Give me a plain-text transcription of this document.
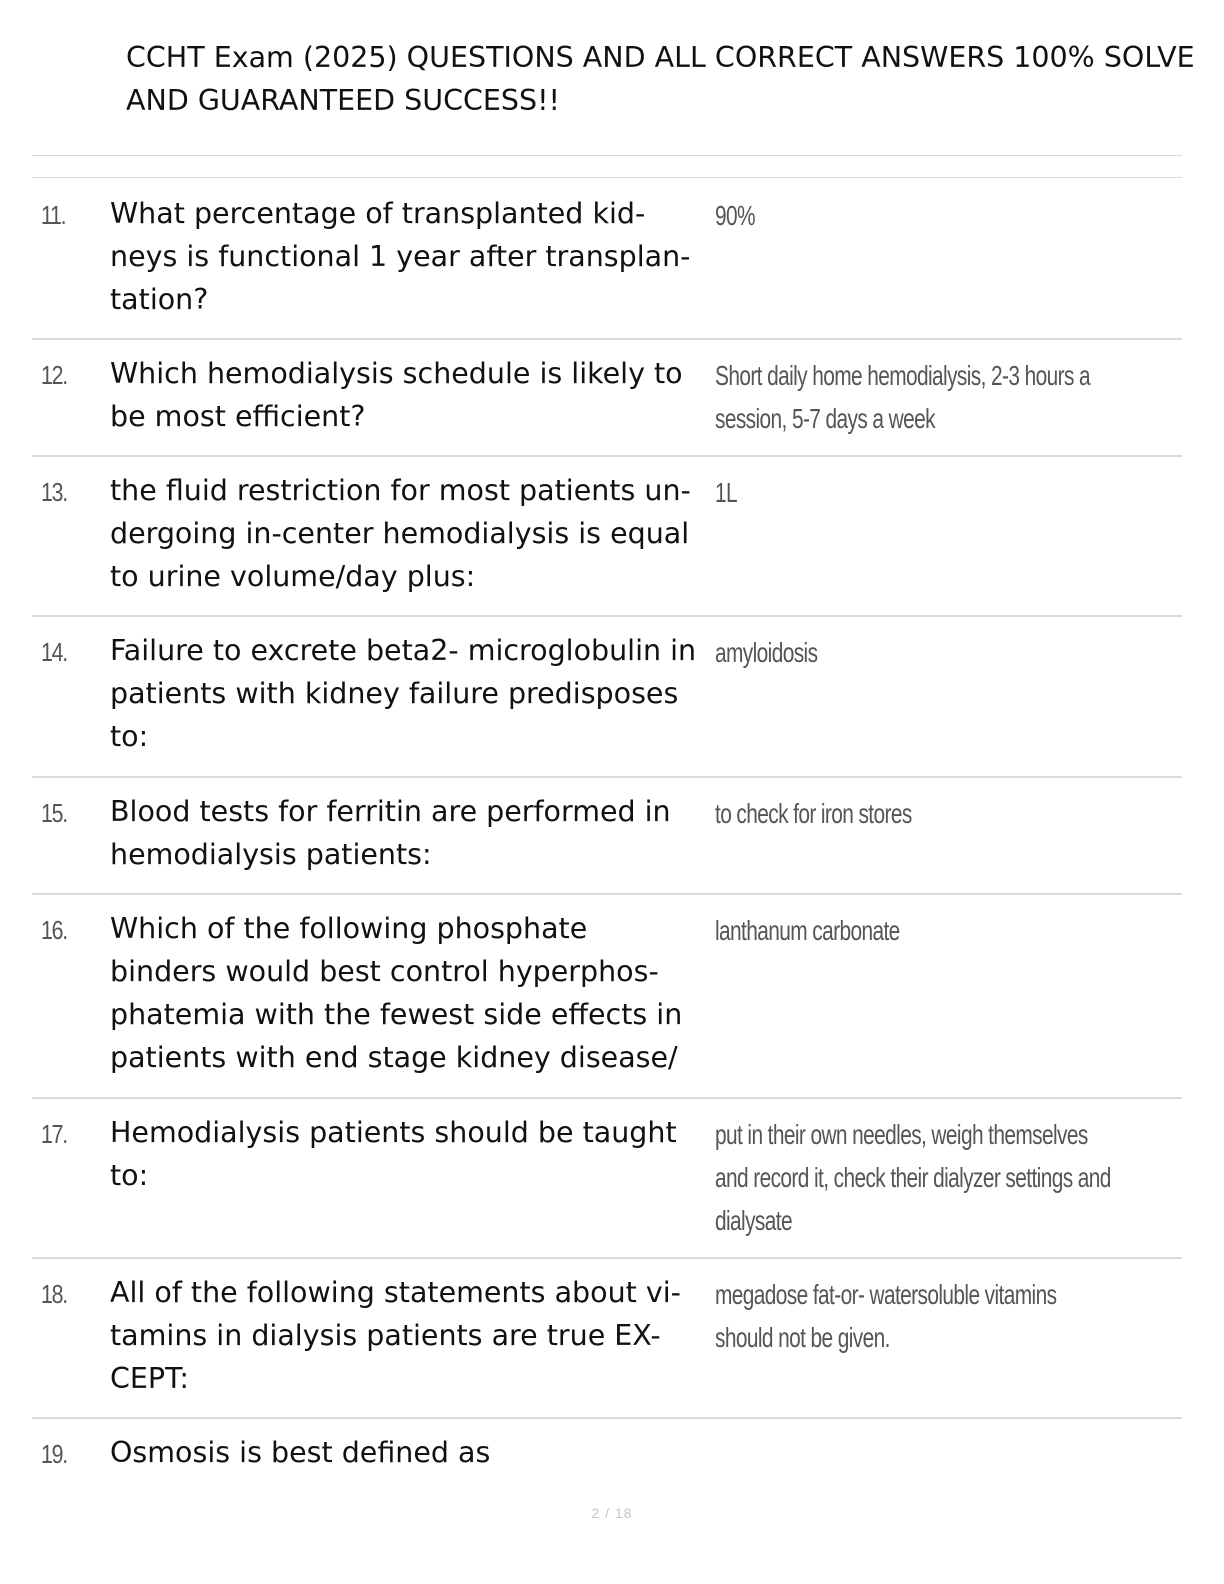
CCHT Exam (2025) QUESTIONS AND ALL CORRECT ANSWERS 100% SOLVE
AND GUARANTEED SUCCESS!!
11. What percentage of transplanted kid-
neys is functional 1 year after transplan-
tation?
90%
12. Which hemodialysis schedule is likely to
be most efficient?
Short daily home hemodialysis, 2-3 hours a
session, 5-7 days a week
13. the fluid restriction for most patients un-
dergoing in-center hemodialysis is equal
to urine volume/day plus:
1L
14. Failure to excrete beta2- microglobulin in
patients with kidney failure predisposes
to:
amyloidosis
15. Blood tests for ferritin are performed in
hemodialysis patients:
to check for iron stores
16. Which of the following phosphate
binders would best control hyperphos-
phatemia with the fewest side effects in
patients with end stage kidney disease/
lanthanum carbonate
17. Hemodialysis patients should be taught
to:
put in their own needles, weigh themselves
and record it, check their dialyzer settings and
dialysate
18. All of the following statements about vi-
tamins in dialysis patients are true EX-
CEPT:
megadose fat-or- watersoluble vitamins
should not be given.
19. Osmosis is best defined as
2 / 18
